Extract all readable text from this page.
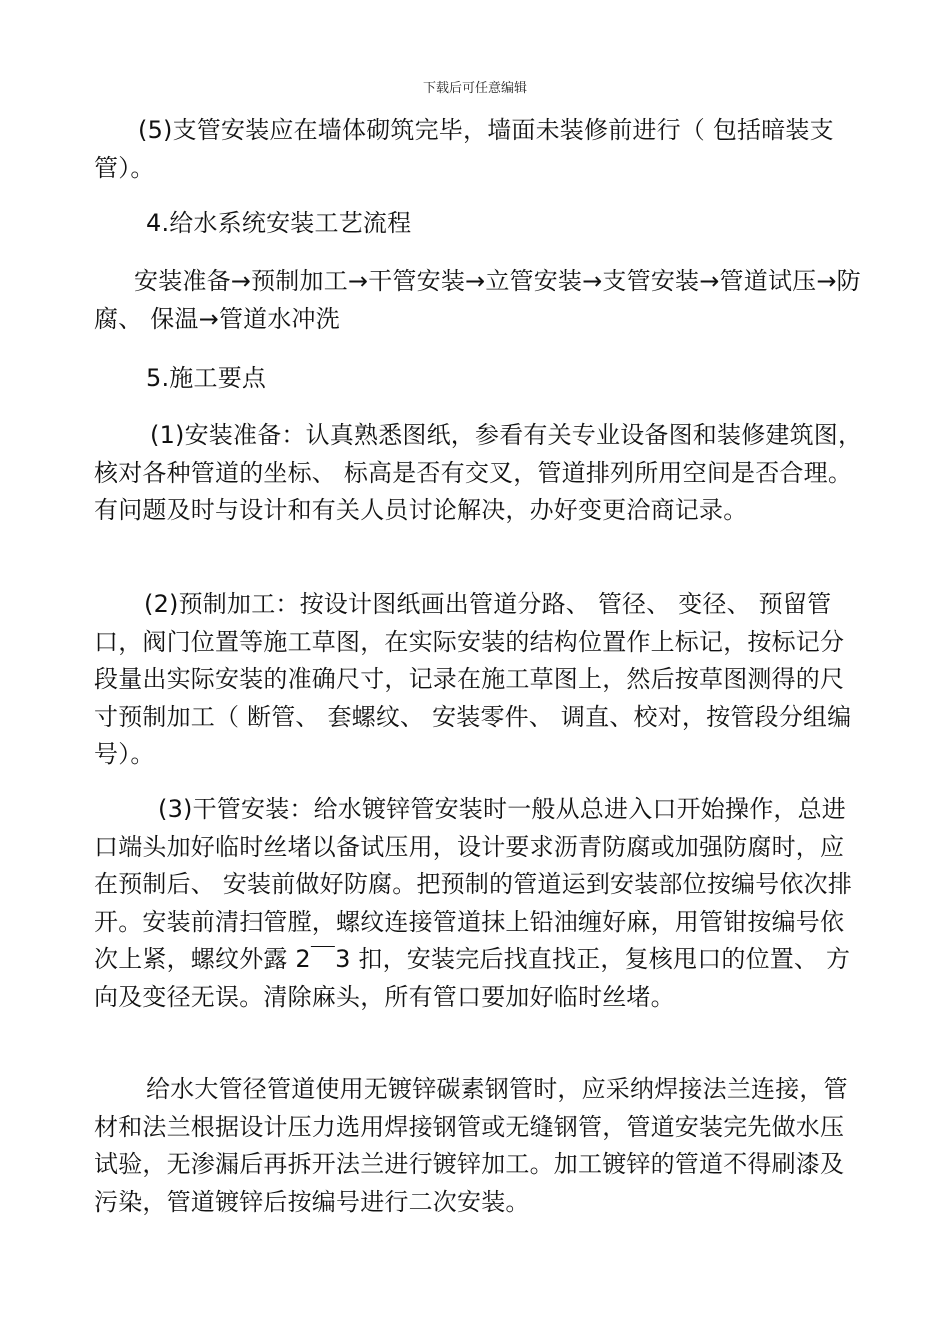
下载后可任意编辑

(5)支管安装应在墙体砌筑完毕，墙面未装修前进行（ 包括暗装支管）。

4.给水系统安装工艺流程

安装准备→预制加工→干管安装→立管安装→支管安装→管道试压→防腐、 保温→管道水冲洗

5.施工要点

(1)安装准备：认真熟悉图纸，参看有关专业设备图和装修建筑图，核对各种管道的坐标、 标高是否有交叉，管道排列所用空间是否合理。有问题及时与设计和有关人员讨论解决，办好变更洽商记录。

(2)预制加工：按设计图纸画出管道分路、 管径、 变径、 预留管口，阀门位置等施工草图，在实际安装的结构位置作上标记，按标记分段量出实际安装的准确尺寸，记录在施工草图上，然后按草图测得的尺寸预制加工（ 断管、 套螺纹、 安装零件、 调直、校对，按管段分组编号）。

(3)干管安装：给水镀锌管安装时一般从总进入口开始操作，总进口端头加好临时丝堵以备试压用，设计要求沥青防腐或加强防腐时，应在预制后、 安装前做好防腐。把预制的管道运到安装部位按编号依次排开。安装前清扫管膛，螺纹连接管道抹上铅油缠好麻，用管钳按编号依次上紧，螺纹外露 2￣3 扣，安装完后找直找正，复核甩口的位置、 方向及变径无误。清除麻头，所有管口要加好临时丝堵。

给水大管径管道使用无镀锌碳素钢管时，应采纳焊接法兰连接，管材和法兰根据设计压力选用焊接钢管或无缝钢管，管道安装完先做水压试验，无渗漏后再拆开法兰进行镀锌加工。加工镀锌的管道不得刷漆及污染，管道镀锌后按编号进行二次安装。
